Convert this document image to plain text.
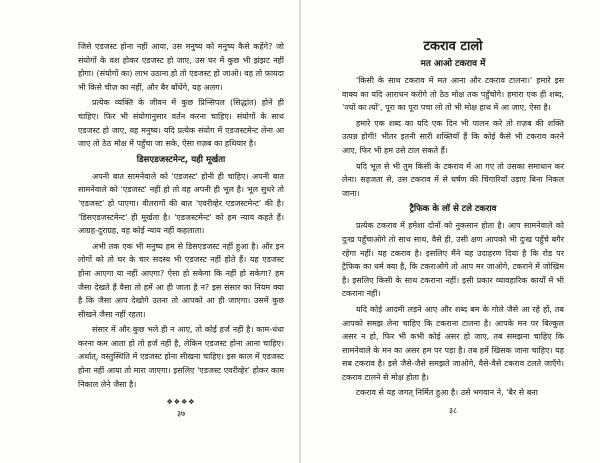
जिसे एडजस्ट होना नहीं आया, उस मनुष्य को मनुष्य कैसे कहेंगे? जो संयोगों के वश होकर एडजस्ट हो जाए, उस घर में कुछ भी झंझट नहीं होगा। (संयोगों का) लाभ उठाना हो तो एडजस्ट हो जाओ। वह तो फ़ायदा भी किसे चीज़ का नहीं, और बैर बाँधेंगे, यह अलग।

प्रत्येक व्यक्ति के जीवन में कुछ प्रिन्सिपल (सिद्धांत) होने ही चाहिए। फिर भी संयोगानुसार वर्तन करना चाहिए। संयोगों के साथ एडजस्ट हो जाए, वह मनुष्य। यदि प्रत्येक संयोग में एडजस्टमेन्ट लेना आ जाए तो ठेठ मोक्ष में पहुँचा जा सके, ऐसा ग़ज़ब का हथियार है।

डिसएडजस्टमेन्ट, यही मूर्खता

अपनी बात सामनेवाले को 'एडजस्ट' होनी ही चाहिए। अपनी बात सामनेवाले को 'एडजस्ट' नहीं हो तो वह अपनी ही भूल है। भूल सुधरे तो 'एडजस्ट' हो पाएगा। वीतरागों की बात 'एवरीव्हेर एडजस्टमेन्ट' की है। 'डिसएडजस्टमेन्ट' ही मूर्खता है। 'एडजस्टमेन्ट' को हम न्याय कहते हैं। आग्रह-दुराग्रह, वह कोई न्याय नहीं कहलाता।

अभी तक एक भी मनुष्य हम से डिसएडजस्ट नहीं हुआ है। और इन लोगों को तो घर के चार सदस्य भी एडजस्ट नहीं होते हैं। यह एडजस्ट होना आएगा या नहीं आएगा? ऐसा हो सकेगा कि नहीं हो सकेगा? हम जैसा देखते हैं वैसा तो हमें आ ही जाता है न? इस संसार का नियम क्या है कि जैसा आप देखोगे उतना तो आपको आ ही जाएगा। उसमें कुछ सीखने जैसा नहीं रहता।

संसार में और कुछ भले ही न आए, तो कोई हर्ज नहीं है। काम-धंधा करना कम आता हो तो हर्ज नहीं है, लेकिन एडजस्ट होना आना चाहिए। अर्थात्, वस्तुस्थिति में एडजस्ट होना सीखना चाहिए। इस काल में एडजस्ट होना नहीं आया तो मारा जाएगा। इसलिए 'एडजस्ट एवरीव्हेर' होकर काम निकाल लेने जैसा है।

❖❖❖❖
३७
टकराव टालो
मत आओ टकराव में

'किसी के साथ टकराव में मत आना और टकराव टालना।' हमारे इस वाक्य का यदि आराधन करोगे तो ठेठ मोक्ष तक पहुँचोगे। हमारा एक ही शब्द, 'ज्यों का त्यों', पूरा का पूरा पचा लो तो भी मोक्ष हाथ में आ जाए, ऐसा है।

हमारे एक शब्द का यदि एक दिन भी पालन करे तो ग़ज़ब की शक्ति उत्पन्न होगी! भीतर इतनी सारी शक्तियाँ हैं कि कोई कैसे भी टकराव करने आए, फिर भी हम उसे टाल सकते हैं।

यदि भूल से भी तुम किसी के टकराव में आ गए तो उसका समाधान कर लेना। सहजता से, उस टकराव में से घर्षण की चिंगारियाँ उड़ाए बिना निकल जाना।

ट्रैफिक के लॉ से टले टकराव

प्रत्येक टकराव में हमेशा दोनों को नुकसान होता है। आप सामनेवाले को दुःख पहुँचाओगे तो साथ साथ, वैसे ही, उसी क्षण आपको भी दुःख पहुँचे बगैर रहेगा नहीं। यह टकराव है। इसलिए मैंने यह उदाहरण दिया है कि रोड पर ट्रैफिक का धर्म क्या है, कि टकराओगे तो आप मर जाओगे, टकराने में जोखिम है। इसलिए किसी के साथ टकराना नहीं। इसी प्रकार व्यावहारिक कार्यों में भी टकराना नहीं।

यदि कोई आदमी लड़ने आए और शब्द बम के गोले जैसे आ रहे हों, तब आपको समझ लेना चाहिए कि टकराना टालना है। आपके मन पर बिल्कुल असर न हो, फिर भी कभी कोई असर हो जाए, तब समझना चाहिए कि सामनेवाले के मन का असर हम पर पड़ा है। तब हमें खिसक जाना चाहिए। यह सब टकराव है। इसे जैसे-जैसे समझते जाओगे, वैसे-वैसे टकराव टलते जाएँगे। टकराव टालने से मोक्ष होता है।

टकराव से यह जगत् निर्मित हुआ है। उसे भगवान ने, 'बैर से बना

३८
